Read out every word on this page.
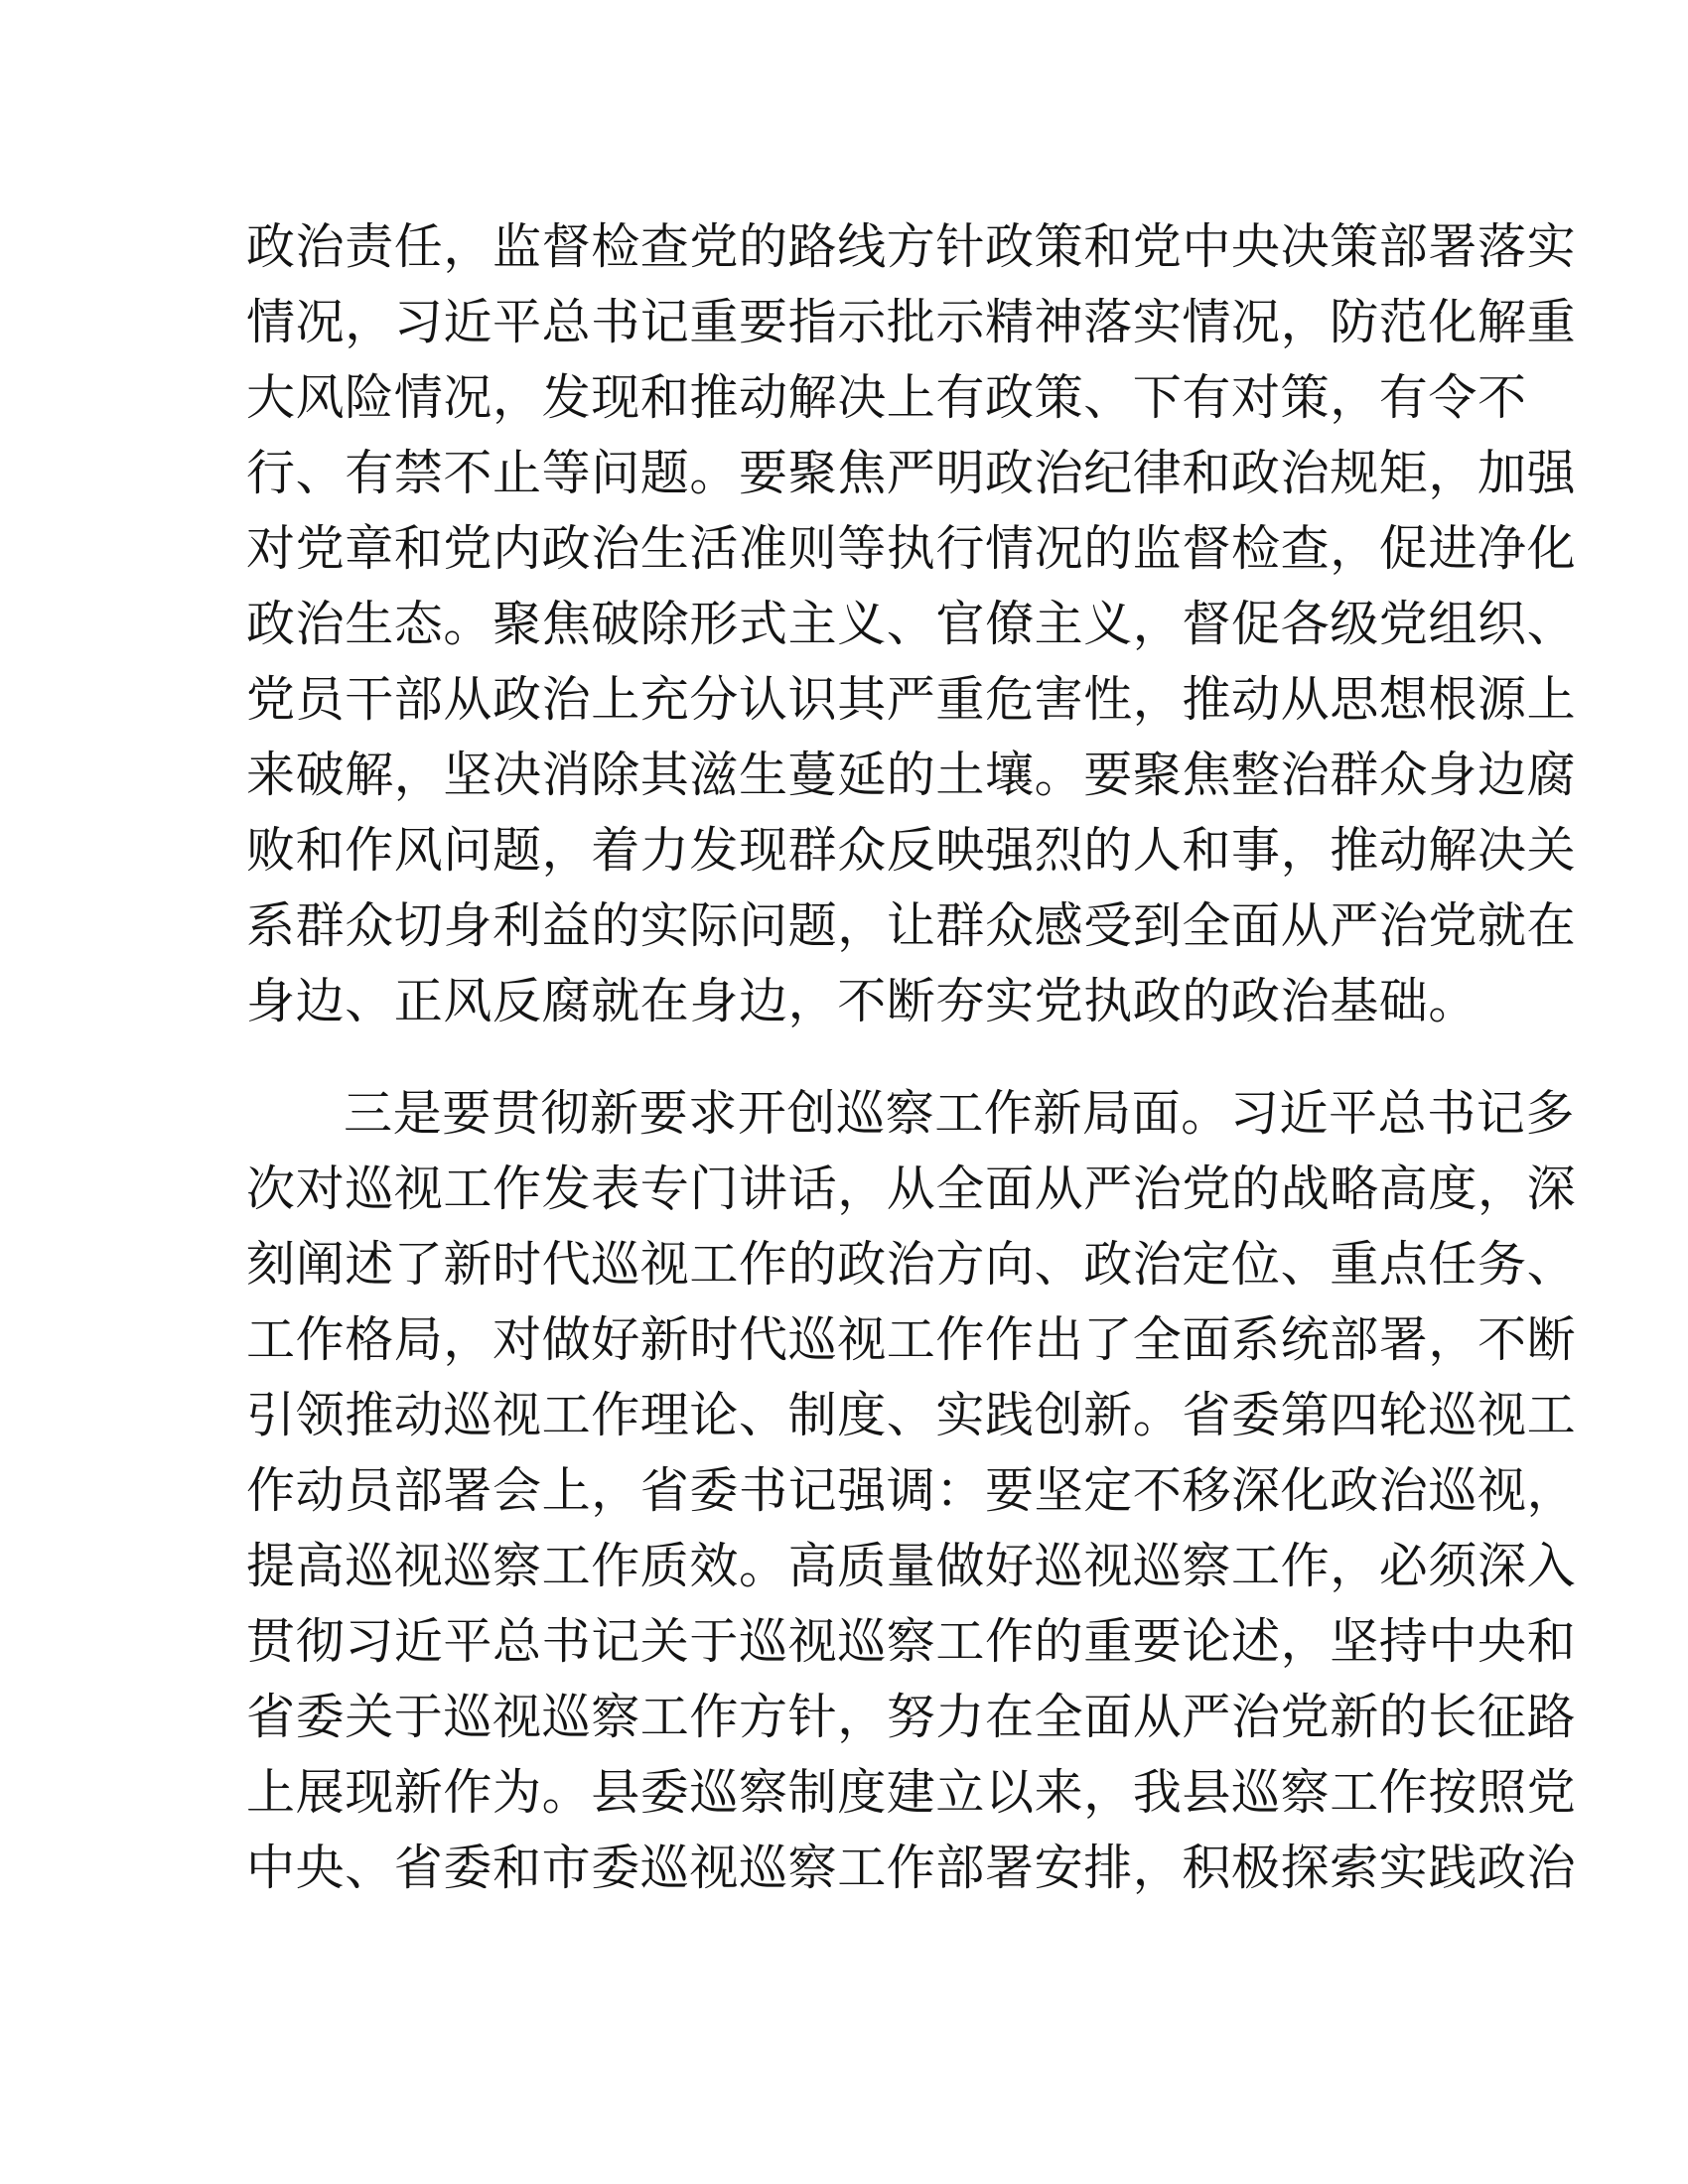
政治责任，监督检查党的路线方针政策和党中央决策部署落实
情况，习近平总书记重要指示批示精神落实情况，防范化解重
大风险情况，发现和推动解决上有政策、下有对策，有令不
行、有禁不止等问题。要聚焦严明政治纪律和政治规矩，加强
对党章和党内政治生活准则等执行情况的监督检查，促进净化
政治生态。聚焦破除形式主义、官僚主义，督促各级党组织、
党员干部从政治上充分认识其严重危害性，推动从思想根源上
来破解，坚决消除其滋生蔓延的土壤。要聚焦整治群众身边腐
败和作风问题，着力发现群众反映强烈的人和事，推动解决关
系群众切身利益的实际问题，让群众感受到全面从严治党就在
身边、正风反腐就在身边，不断夯实党执政的政治基础。
三是要贯彻新要求开创巡察工作新局面。习近平总书记多
次对巡视工作发表专门讲话，从全面从严治党的战略高度，深
刻阐述了新时代巡视工作的政治方向、政治定位、重点任务、
工作格局，对做好新时代巡视工作作出了全面系统部署，不断
引领推动巡视工作理论、制度、实践创新。省委第四轮巡视工
作动员部署会上，省委书记强调：要坚定不移深化政治巡视，
提高巡视巡察工作质效。高质量做好巡视巡察工作，必须深入
贯彻习近平总书记关于巡视巡察工作的重要论述，坚持中央和
省委关于巡视巡察工作方针，努力在全面从严治党新的长征路
上展现新作为。县委巡察制度建立以来，我县巡察工作按照党
中央、省委和市委巡视巡察工作部署安排，积极探索实践政治
